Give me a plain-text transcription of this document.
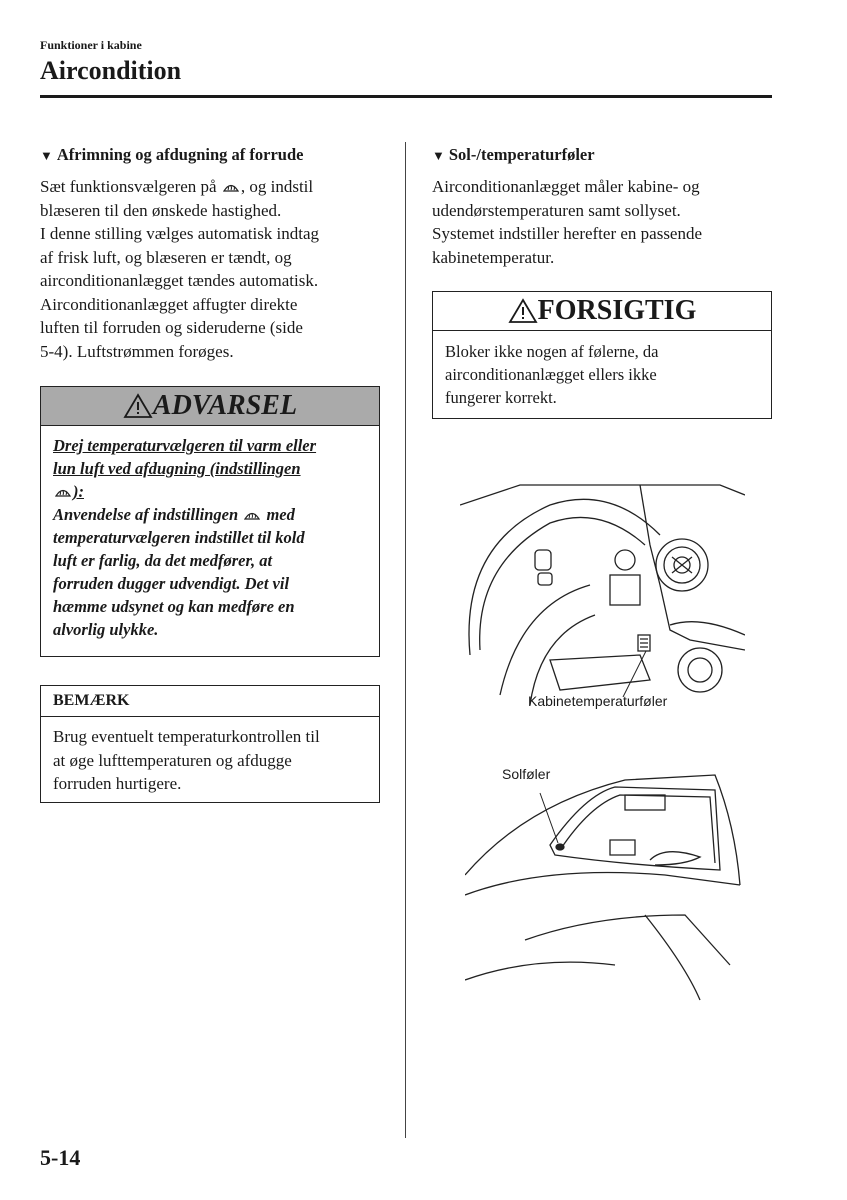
Funktioner i kabine
Aircondition
▼ Afrimning og afdugning af forrude
Sæt funktionsvælgeren på , og indstil
blæseren til den ønskede hastighed.
I denne stilling vælges automatisk indtag
af frisk luft, og blæseren er tændt, og
airconditionanlægget tændes automatisk.
Airconditionanlægget affugter direkte
luften til forruden og sideruderne (side
5-4). Luftstrømmen forøges.
ADVARSEL
Drej temperaturvælgeren til varm eller
lun luft ved afdugning (indstillingen
):
Anvendelse af indstillingen  med
temperaturvælgeren indstillet til kold
luft er farlig, da det medfører, at
forruden dugger udvendigt. Det vil
hæmme udsynet og kan medføre en
alvorlig ulykke.
BEMÆRK
Brug eventuelt temperaturkontrollen til
at øge lufttemperaturen og afdugge
forruden hurtigere.
▼ Sol-/temperaturføler
Airconditionanlægget måler kabine- og
udendørstemperaturen samt sollyset.
Systemet indstiller herefter en passende
kabinetemperatur.
FORSIGTIG
Bloker ikke nogen af følerne, da
airconditionanlægget ellers ikke
fungerer korrekt.
Kabinetemperaturføler
Solføler
5-14
